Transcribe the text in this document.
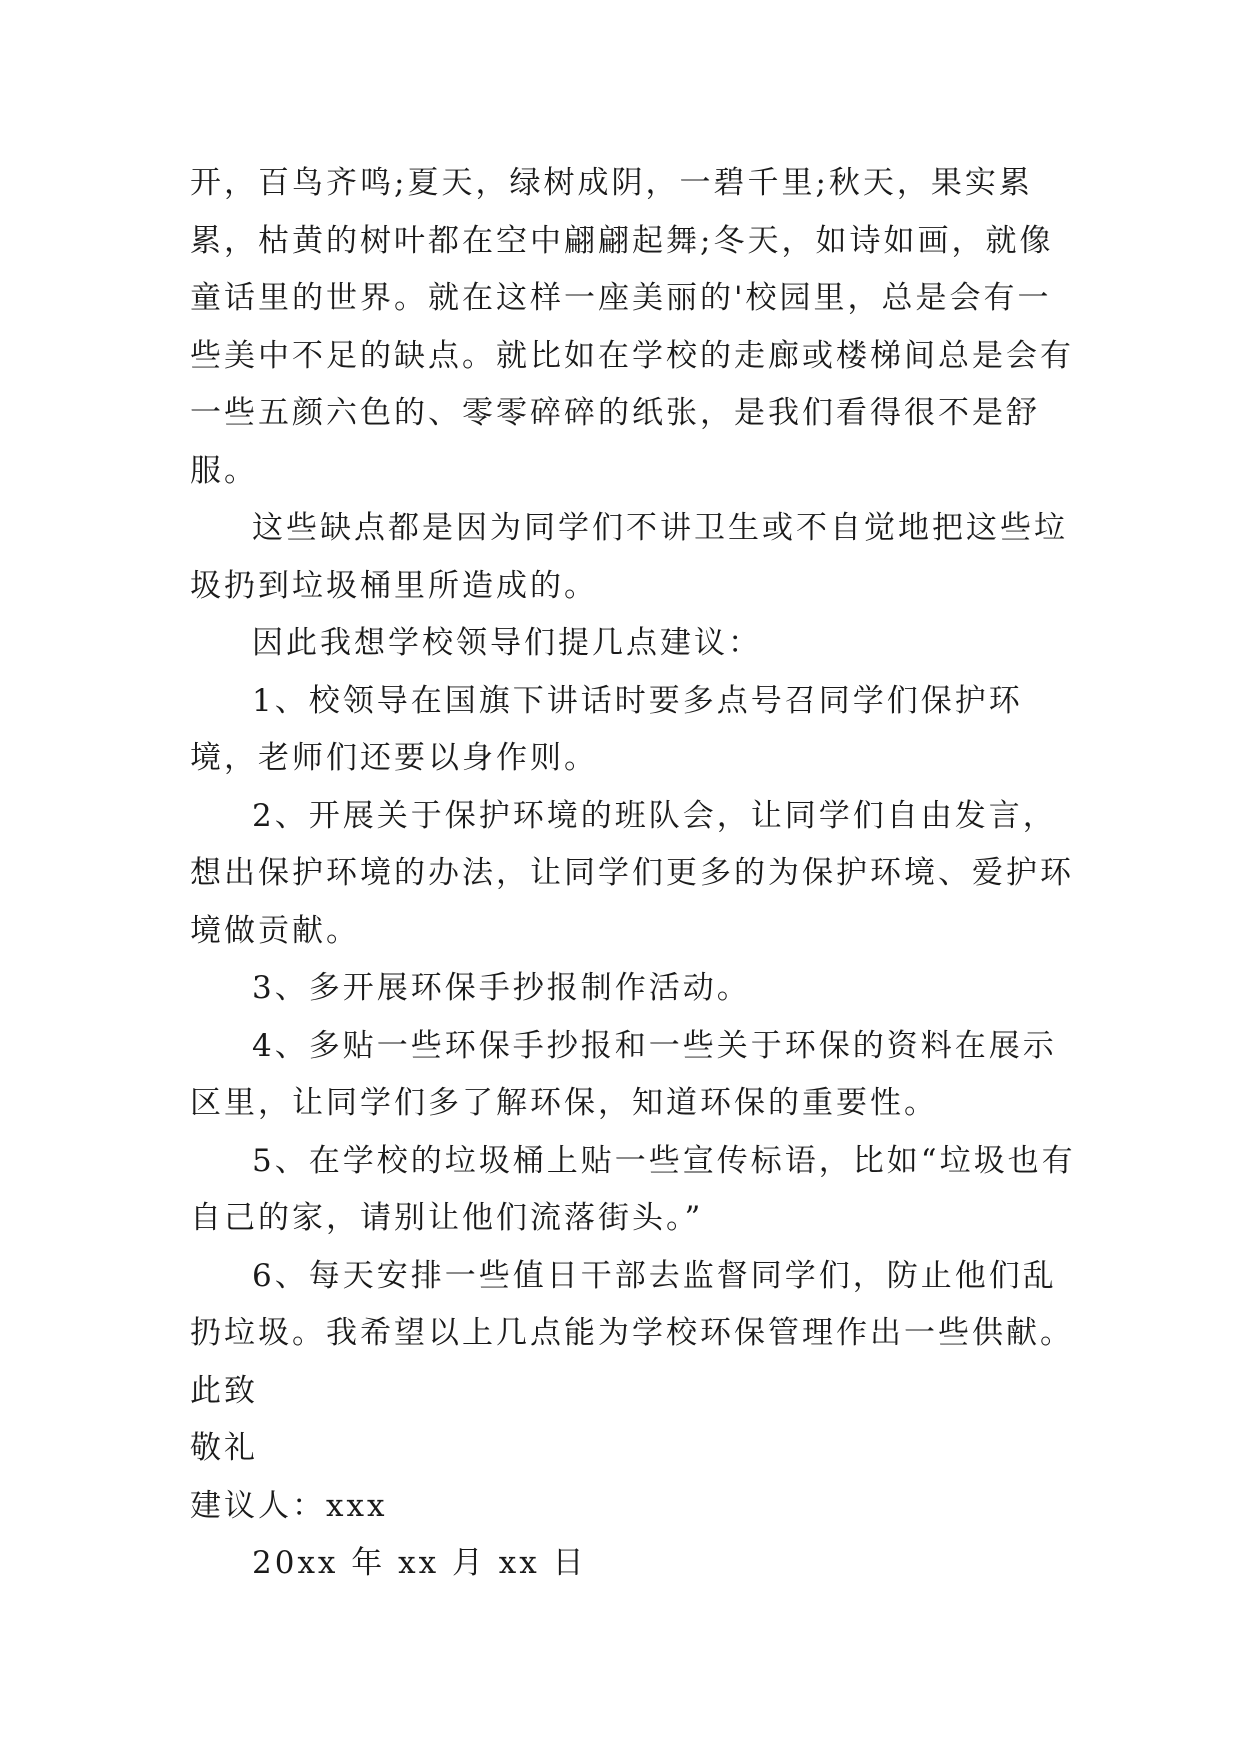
开，百鸟齐鸣;夏天，绿树成阴，一碧千里;秋天，果实累累，枯黄的树叶都在空中翩翩起舞;冬天，如诗如画，就像童话里的世界。就在这样一座美丽的'校园里，总是会有一些美中不足的缺点。就比如在学校的走廊或楼梯间总是会有一些五颜六色的、零零碎碎的纸张，是我们看得很不是舒服。

这些缺点都是因为同学们不讲卫生或不自觉地把这些垃圾扔到垃圾桶里所造成的。

因此我想学校领导们提几点建议：

1、校领导在国旗下讲话时要多点号召同学们保护环境，老师们还要以身作则。

2、开展关于保护环境的班队会，让同学们自由发言，想出保护环境的办法，让同学们更多的为保护环境、爱护环境做贡献。

3、多开展环保手抄报制作活动。

4、多贴一些环保手抄报和一些关于环保的资料在展示区里，让同学们多了解环保，知道环保的重要性。

5、在学校的垃圾桶上贴一些宣传标语，比如“垃圾也有自己的家，请别让他们流落街头。”

6、每天安排一些值日干部去监督同学们，防止他们乱扔垃圾。我希望以上几点能为学校环保管理作出一些供献。

此致

敬礼

建议人：xxx

20xx 年 xx 月 xx 日
